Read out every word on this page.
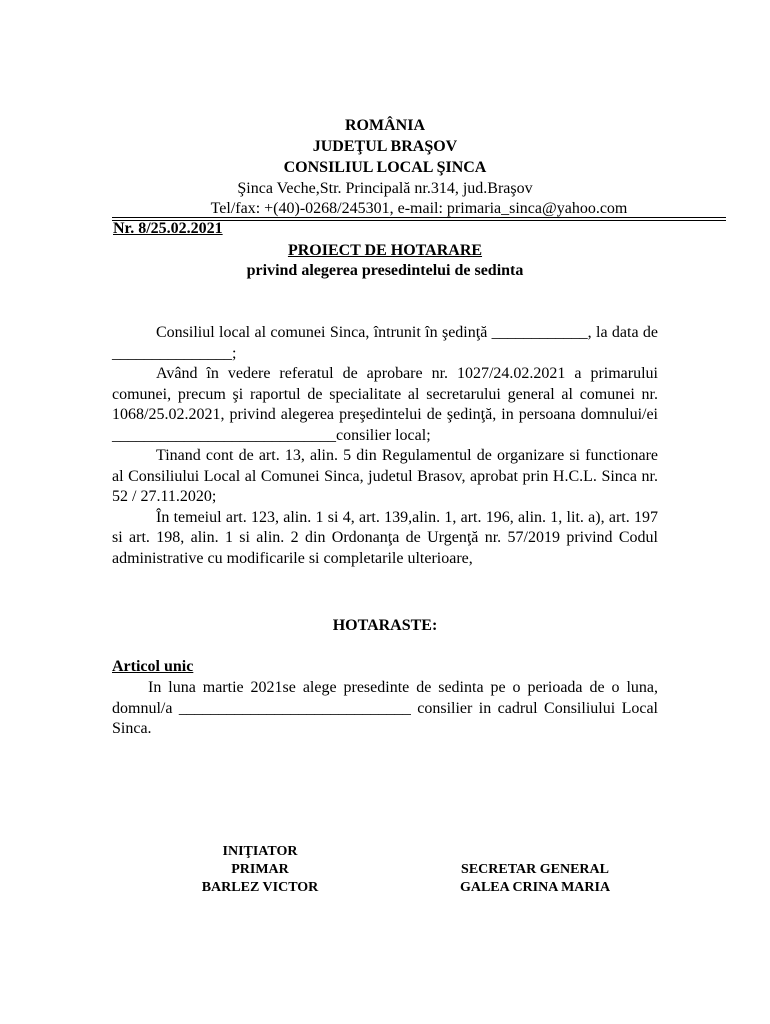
ROMÂNIA
JUDEŢUL BRAŞOV
CONSILIUL LOCAL ŞINCA
Şinca Veche,Str. Principală nr.314, jud.Braşov
Tel/fax: +(40)-0268/245301, e-mail: primaria_sinca@yahoo.com
Nr. 8/25.02.2021
PROIECT DE HOTARARE
privind alegerea presedintelui de sedinta

Consiliul local al comunei Sinca, întrunit în şedinţă ____________, la data de _______________;

Având în vedere referatul de aprobare nr. 1027/24.02.2021 a primarului comunei, precum şi raportul de specialitate al secretarului general al comunei nr. 1068/25.02.2021, privind alegerea preşedintelui de şedinţă, in persoana domnului/ei ____________________________consilier local;

Tinand cont de art. 13, alin. 5 din Regulamentul de organizare si functionare al Consiliului Local al Comunei Sinca, judetul Brasov, aprobat prin H.C.L. Sinca nr. 52 / 27.11.2020;

În temeiul art. 123, alin. 1 si 4, art. 139,alin. 1, art. 196, alin. 1, lit. a), art. 197 si art. 198, alin. 1 si alin. 2 din Ordonanţa de Urgenţă nr. 57/2019 privind Codul administrative cu modificarile si completarile ulterioare,

HOTARASTE:
Articol unic

In luna martie 2021se alege presedinte de sedinta pe o perioada de o luna, domnul/a _____________________________ consilier in cadrul Consiliului Local Sinca.

INIŢIATOR
PRIMAR
BARLEZ VICTOR
SECRETAR GENERAL
GALEA CRINA MARIA
